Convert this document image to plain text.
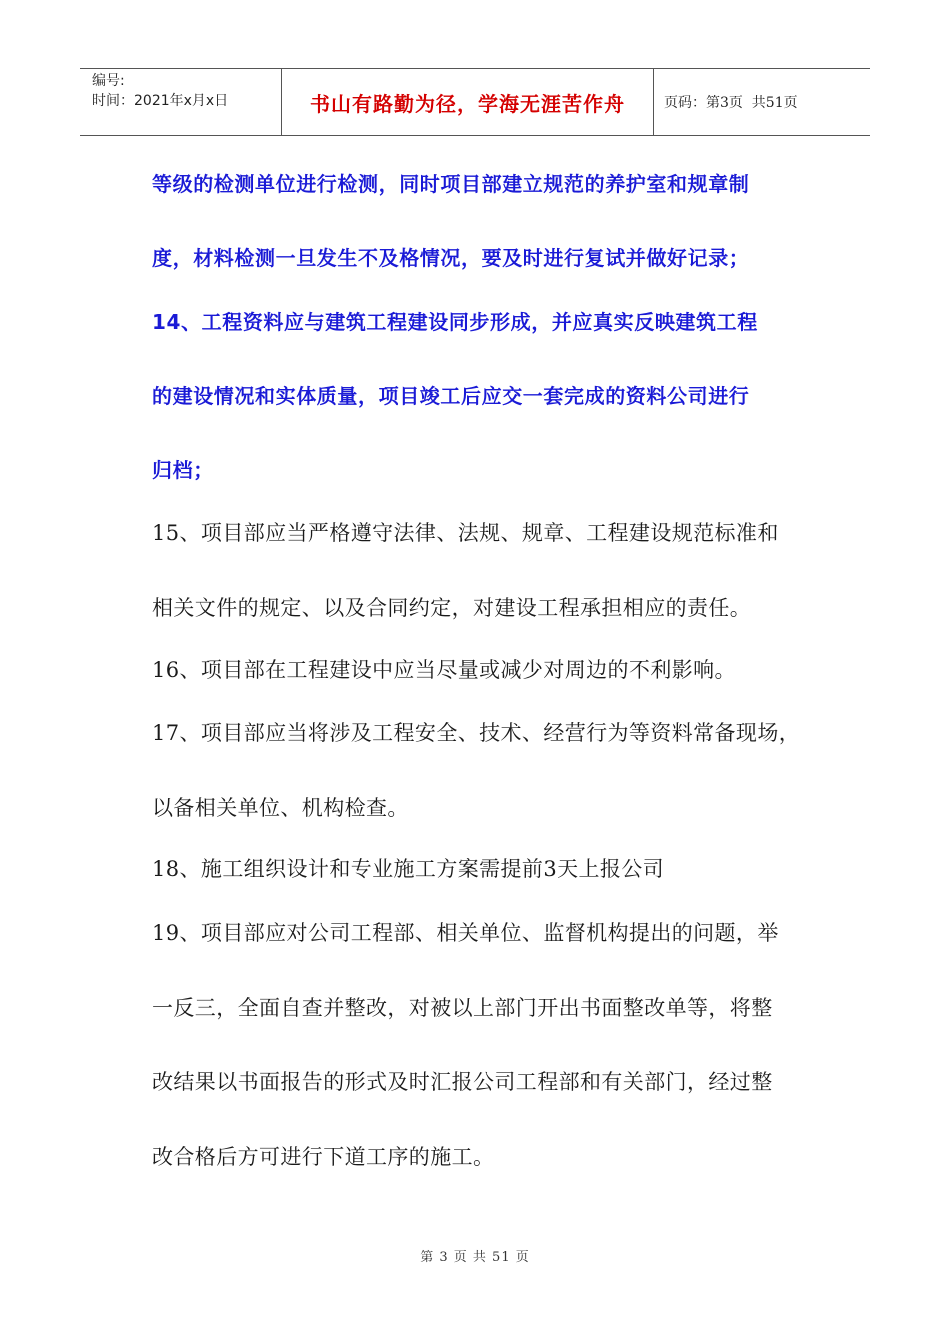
编号:
时间：2021年x月x日	书山有路勤为径，学海无涯苦作舟	页码：第3页  共51页
等级的检测单位进行检测，同时项目部建立规范的养护室和规章制
度，材料检测一旦发生不及格情况，要及时进行复试并做好记录；
14、工程资料应与建筑工程建设同步形成，并应真实反映建筑工程
的建设情况和实体质量，项目竣工后应交一套完成的资料公司进行
归档；
15、项目部应当严格遵守法律、法规、规章、工程建设规范标准和
相关文件的规定、以及合同约定，对建设工程承担相应的责任。
16、项目部在工程建设中应当尽量或减少对周边的不利影响。
17、项目部应当将涉及工程安全、技术、经营行为等资料常备现场，
以备相关单位、机构检查。
18、施工组织设计和专业施工方案需提前3天上报公司
19、项目部应对公司工程部、相关单位、监督机构提出的问题，举
一反三，全面自查并整改，对被以上部门开出书面整改单等，将整
改结果以书面报告的形式及时汇报公司工程部和有关部门，经过整
改合格后方可进行下道工序的施工。
第 3 页 共 51 页
